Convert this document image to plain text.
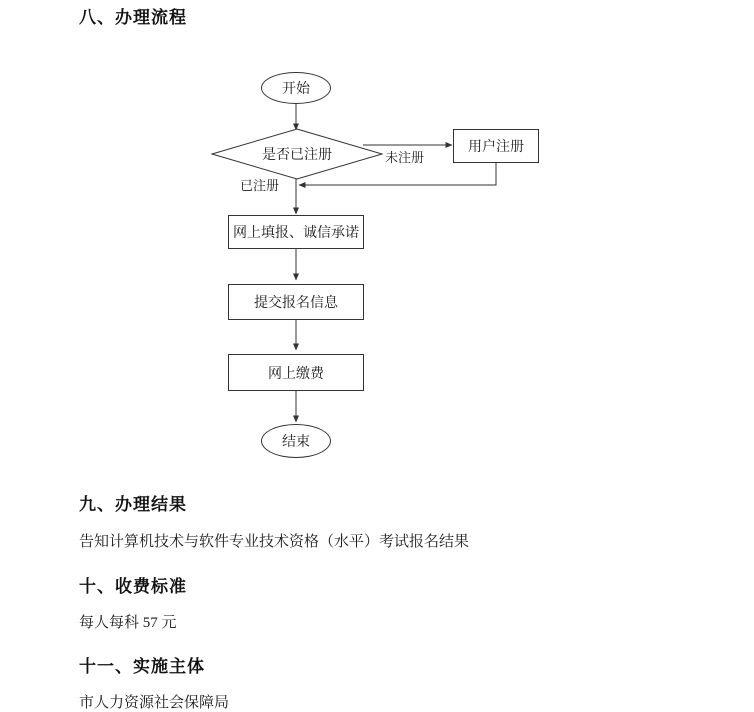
八、办理流程
开始
是否已注册	未注册
已注册
用户注册
网上填报、诚信承诺
提交报名信息
网上缴费
结束
九、办理结果
告知计算机技术与软件专业技术资格（水平）考试报名结果
十、收费标准
每人每科 57 元
十一、实施主体
市人力资源社会保障局
